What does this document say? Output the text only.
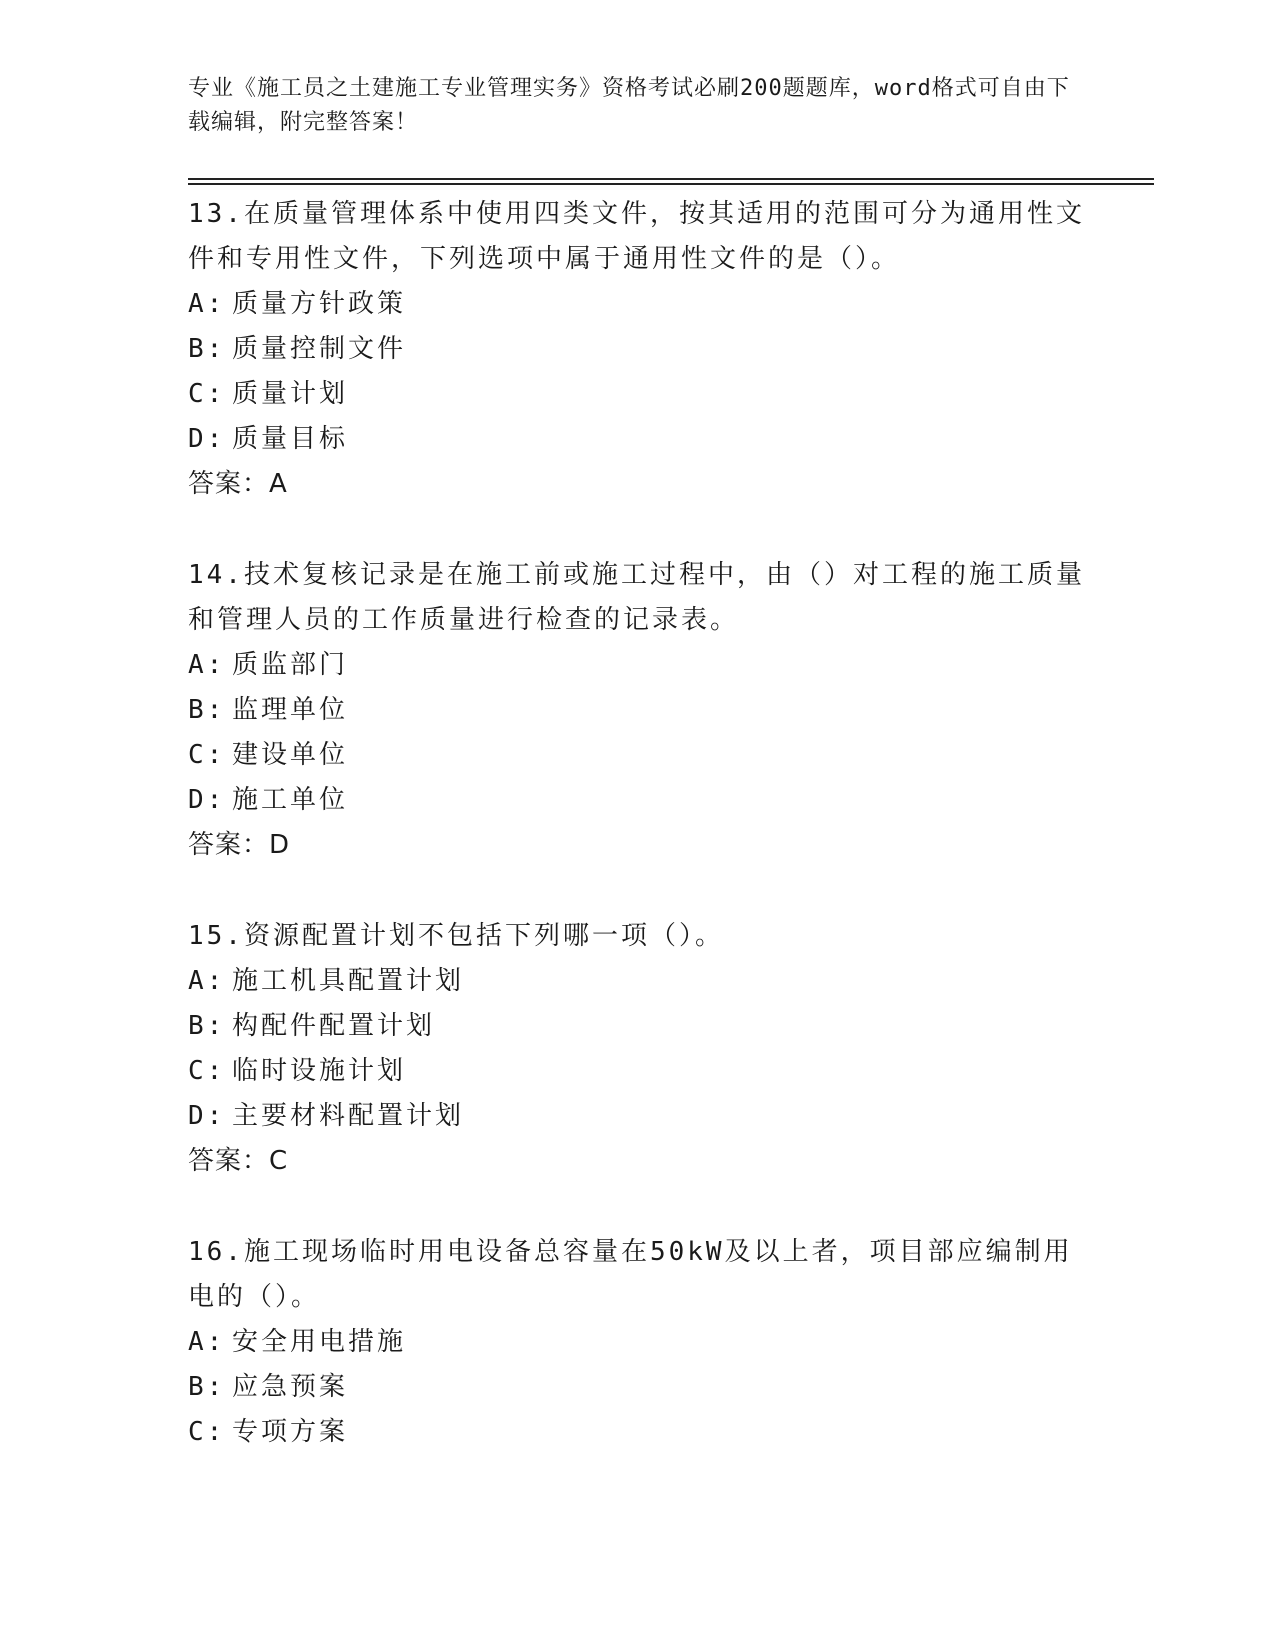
专业《施工员之土建施工专业管理实务》资格考试必刷200题题库，word格式可自由下载编辑，附完整答案！
13.在质量管理体系中使用四类文件，按其适用的范围可分为通用性文件和专用性文件，下列选项中属于通用性文件的是（）。
A: 质量方针政策
B: 质量控制文件
C: 质量计划
D: 质量目标
答案：A
14.技术复核记录是在施工前或施工过程中，由（）对工程的施工质量和管理人员的工作质量进行检查的记录表。
A: 质监部门
B: 监理单位
C: 建设单位
D: 施工单位
答案：D
15.资源配置计划不包括下列哪一项（）。
A: 施工机具配置计划
B: 构配件配置计划
C: 临时设施计划
D: 主要材料配置计划
答案：C
16.施工现场临时用电设备总容量在50kW及以上者，项目部应编制用电的（）。
A: 安全用电措施
B: 应急预案
C: 专项方案
